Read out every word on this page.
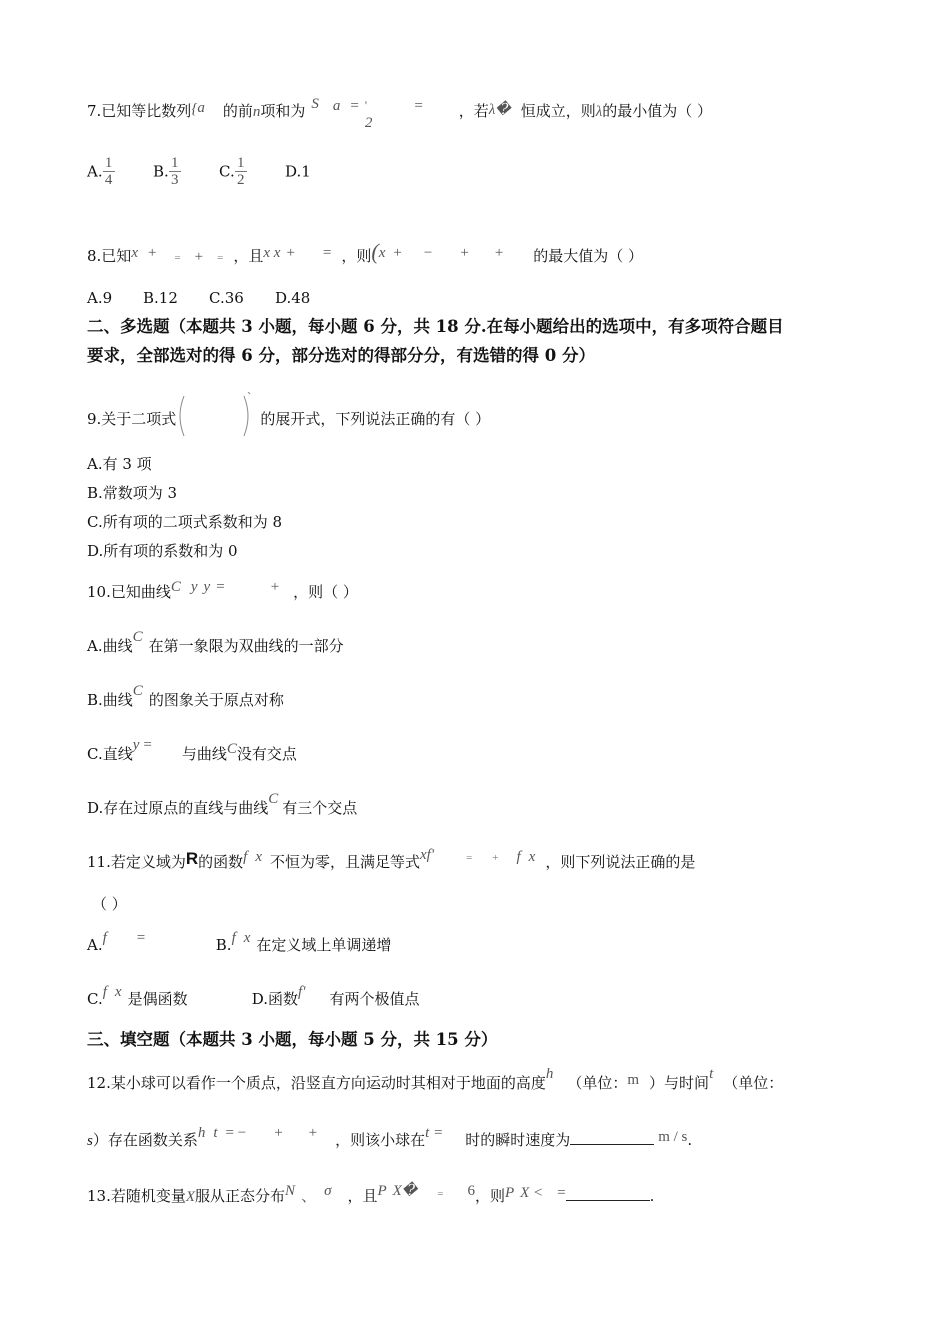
7.已知等比数列{a 的前n项和为 S a = '
2
= ，若λ� 恒成立，则λ的最小值为（ ）
A. $\frac{1}{4}$	B. $\frac{1}{3}$	C. $\frac{1}{2}$	D.1
8.已知x + = + = ，且x x + = ，则(x + − + + 的最大值为（ ）
A.9 B.12 C.36 D.48
二、多选题（本题共 3 小题，每小题 6 分，共 18 分.在每小题给出的选项中，有多项符合题目
要求，全部选对的得 6 分，部分选对的得部分分，有选错的得 0 分）
9.关于二项式	的展开式，下列说法正确的有（ ）
A.有 3 项
B.常数项为 3
C.所有项的二项式系数和为 8
D.所有项的系数和为 0
10.已知曲线C y y =	+ ，则（ ）
A.曲线C 在第一象限为双曲线的一部分
B.曲线C 的图象关于原点对称
C.直线y = 与曲线C没有交点
D.存在过原点的直线与曲线C 有三个交点
11.若定义域为R的函数f x 不恒为零，且满足等式xf'	= + f x ，则下列说法正确的是
（ ）
A.f =	B.f x 在定义域上单调递增
C.f x 是偶函数	D.函数f' 有两个极值点
三、填空题（本题共 3 小题，每小题 5 分，共 15 分）
12.某小球可以看作一个质点，沿竖直方向运动时其相对于地面的高度h （单位：m ）与时间t （单位：
s）存在函数关系h t = − + + ，则该小球在t = 时的瞬时速度为	m / s.
13.若随机变量X服从正态分布N 、 σ ，且P X� = 6，则P X < =	.
